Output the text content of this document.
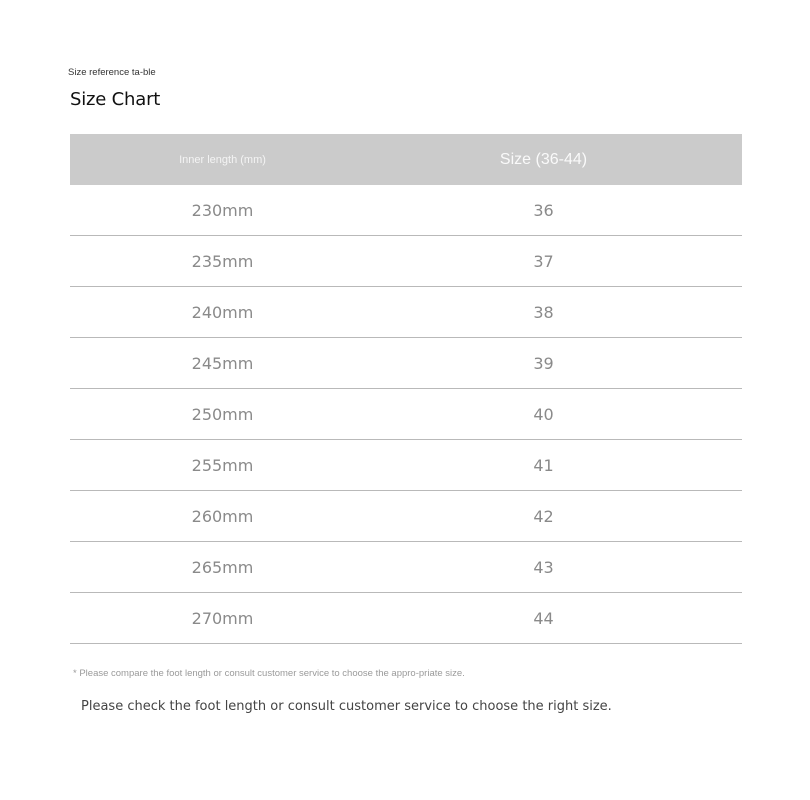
Size reference ta-ble
Size Chart
Inner length (mm)	Size (36-44)
230mm	36
235mm	37
240mm	38
245mm	39
250mm	40
255mm	41
260mm	42
265mm	43
270mm	44
* Please compare the foot length or consult customer service to choose the appro-priate size.
Please check the foot length or consult customer service to choose the right size.
